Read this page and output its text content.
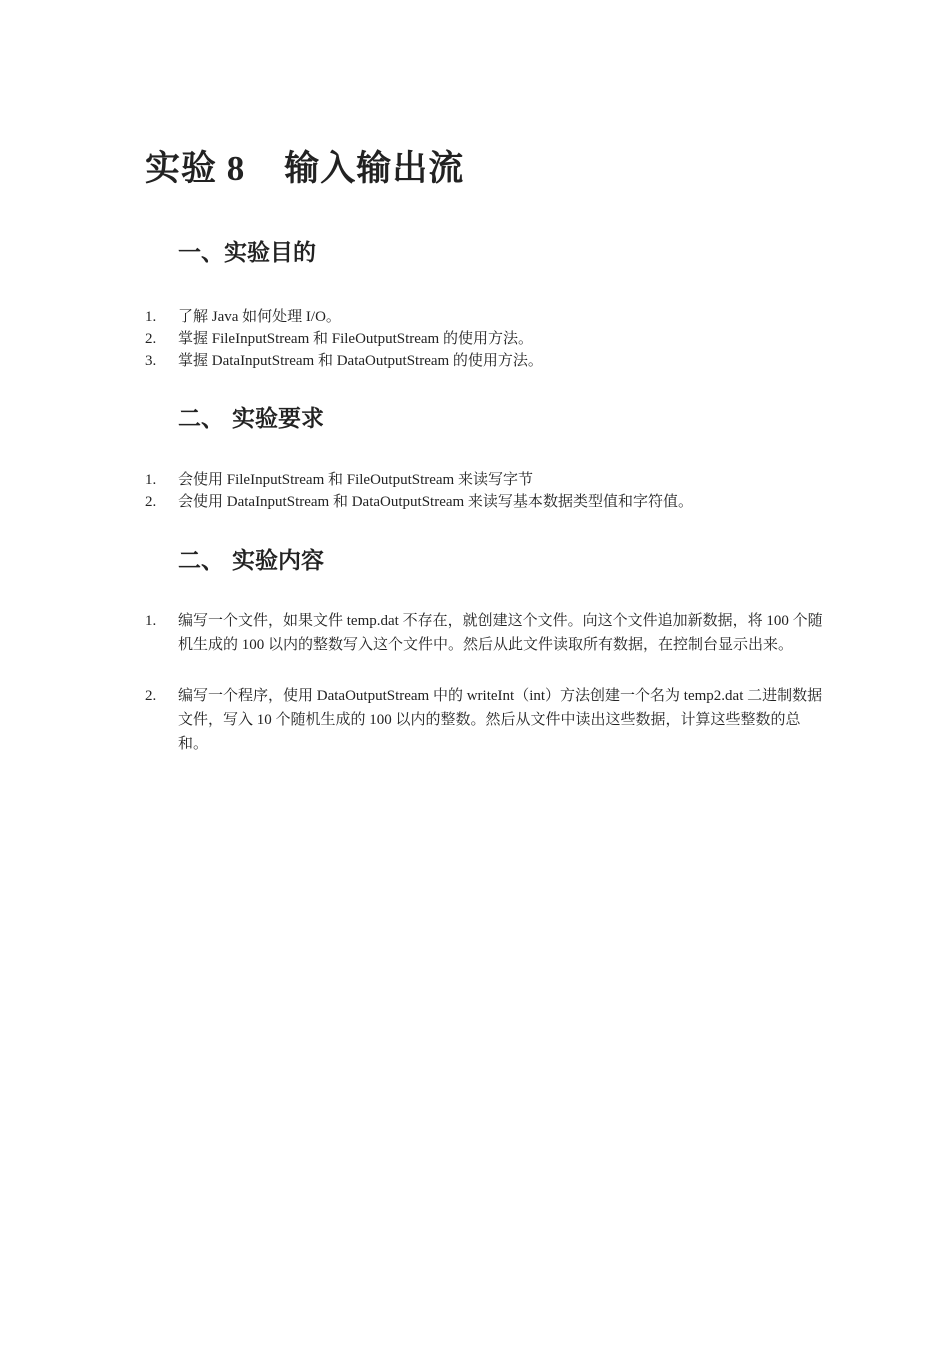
实验 8    输入输出流
一、实验目的
1.	了解 Java 如何处理 I/O。
2.	掌握 FileInputStream 和 FileOutputStream 的使用方法。
3.	掌握 DataInputStream 和 DataOutputStream 的使用方法。
二、 实验要求
1.	会使用 FileInputStream 和 FileOutputStream 来读写字节
2.	会使用 DataInputStream 和 DataOutputStream 来读写基本数据类型值和字符值。
二、 实验内容
1.	编写一个文件，如果文件 temp.dat 不存在，就创建这个文件。向这个文件追加新数据，将 100 个随机生成的 100 以内的整数写入这个文件中。然后从此文件读取所有数据，在控制台显示出来。
2.	编写一个程序，使用 DataOutputStream 中的 writeInt（int）方法创建一个名为 temp2.dat 二进制数据文件，写入 10 个随机生成的 100 以内的整数。然后从文件中读出这些数据，计算这些整数的总和。
